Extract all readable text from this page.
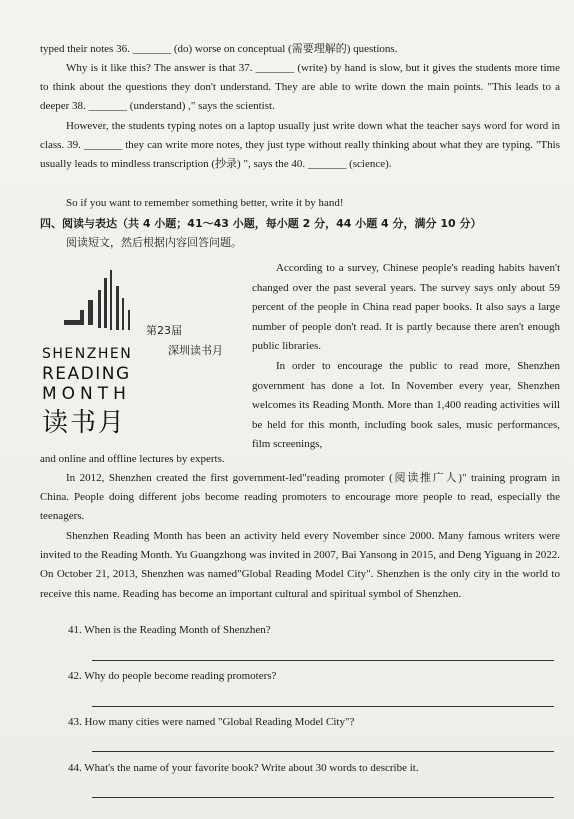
typed their notes 36. _______ (do) worse on conceptual (需要理解的) questions.

Why is it like this? The answer is that 37. _______ (write) by hand is slow, but it gives the students more time to think about the questions they don't understand. They are able to write down the main points. "This leads to a deeper 38. _______ (understand) ," says the scientist.

However, the students typing notes on a laptop usually just write down what the teacher says word for word in class. 39. _______ they can write more notes, they just type without really thinking about what they are typing. "This usually leads to mindless transcription (抄录) ", says the 40. _______ (science).

So if you want to remember something better, write it by hand!

四、阅读与表达（共 4 小题；41～43 小题，每小题 2 分，44 小题 4 分，满分 10 分）
阅读短文，然后根据内容回答问题。
第23届
深圳读书月
SHENZHEN
READING
MONTH
读书月

According to a survey, Chinese people's reading habits haven't changed over the past several years. The survey says only about 59 percent of the people in China read paper books. It also says a large number of people don't read. It is partly because there aren't enough public libraries.

In order to encourage the public to read more, Shenzhen government has done a lot. In November every year, Shenzhen welcomes its Reading Month. More than 1,400 reading activities will be held for this month, including book sales, music performances, film screenings,

and online and offline lectures by experts.
In 2012, Shenzhen created the first government-led"reading promoter (阅读推广人)" training program in China. People doing different jobs become reading promoters to encourage more people to read, especially the teenagers.
Shenzhen Reading Month has been an activity held every November since 2000. Many famous writers were invited to the Reading Month. Yu Guangzhong was invited in 2007, Bai Yansong in 2015, and Deng Yiguang in 2022. On October 21, 2013, Shenzhen was named"Global Reading Model City". Shenzhen is the only city in the world to receive this name. Reading has become an important cultural and spiritual symbol of Shenzhen.
41. When is the Reading Month of Shenzhen?
42. Why do people become reading promoters?
43. How many cities were named "Global Reading Model City"?
44. What's the name of your favorite book? Write about 30 words to describe it.
